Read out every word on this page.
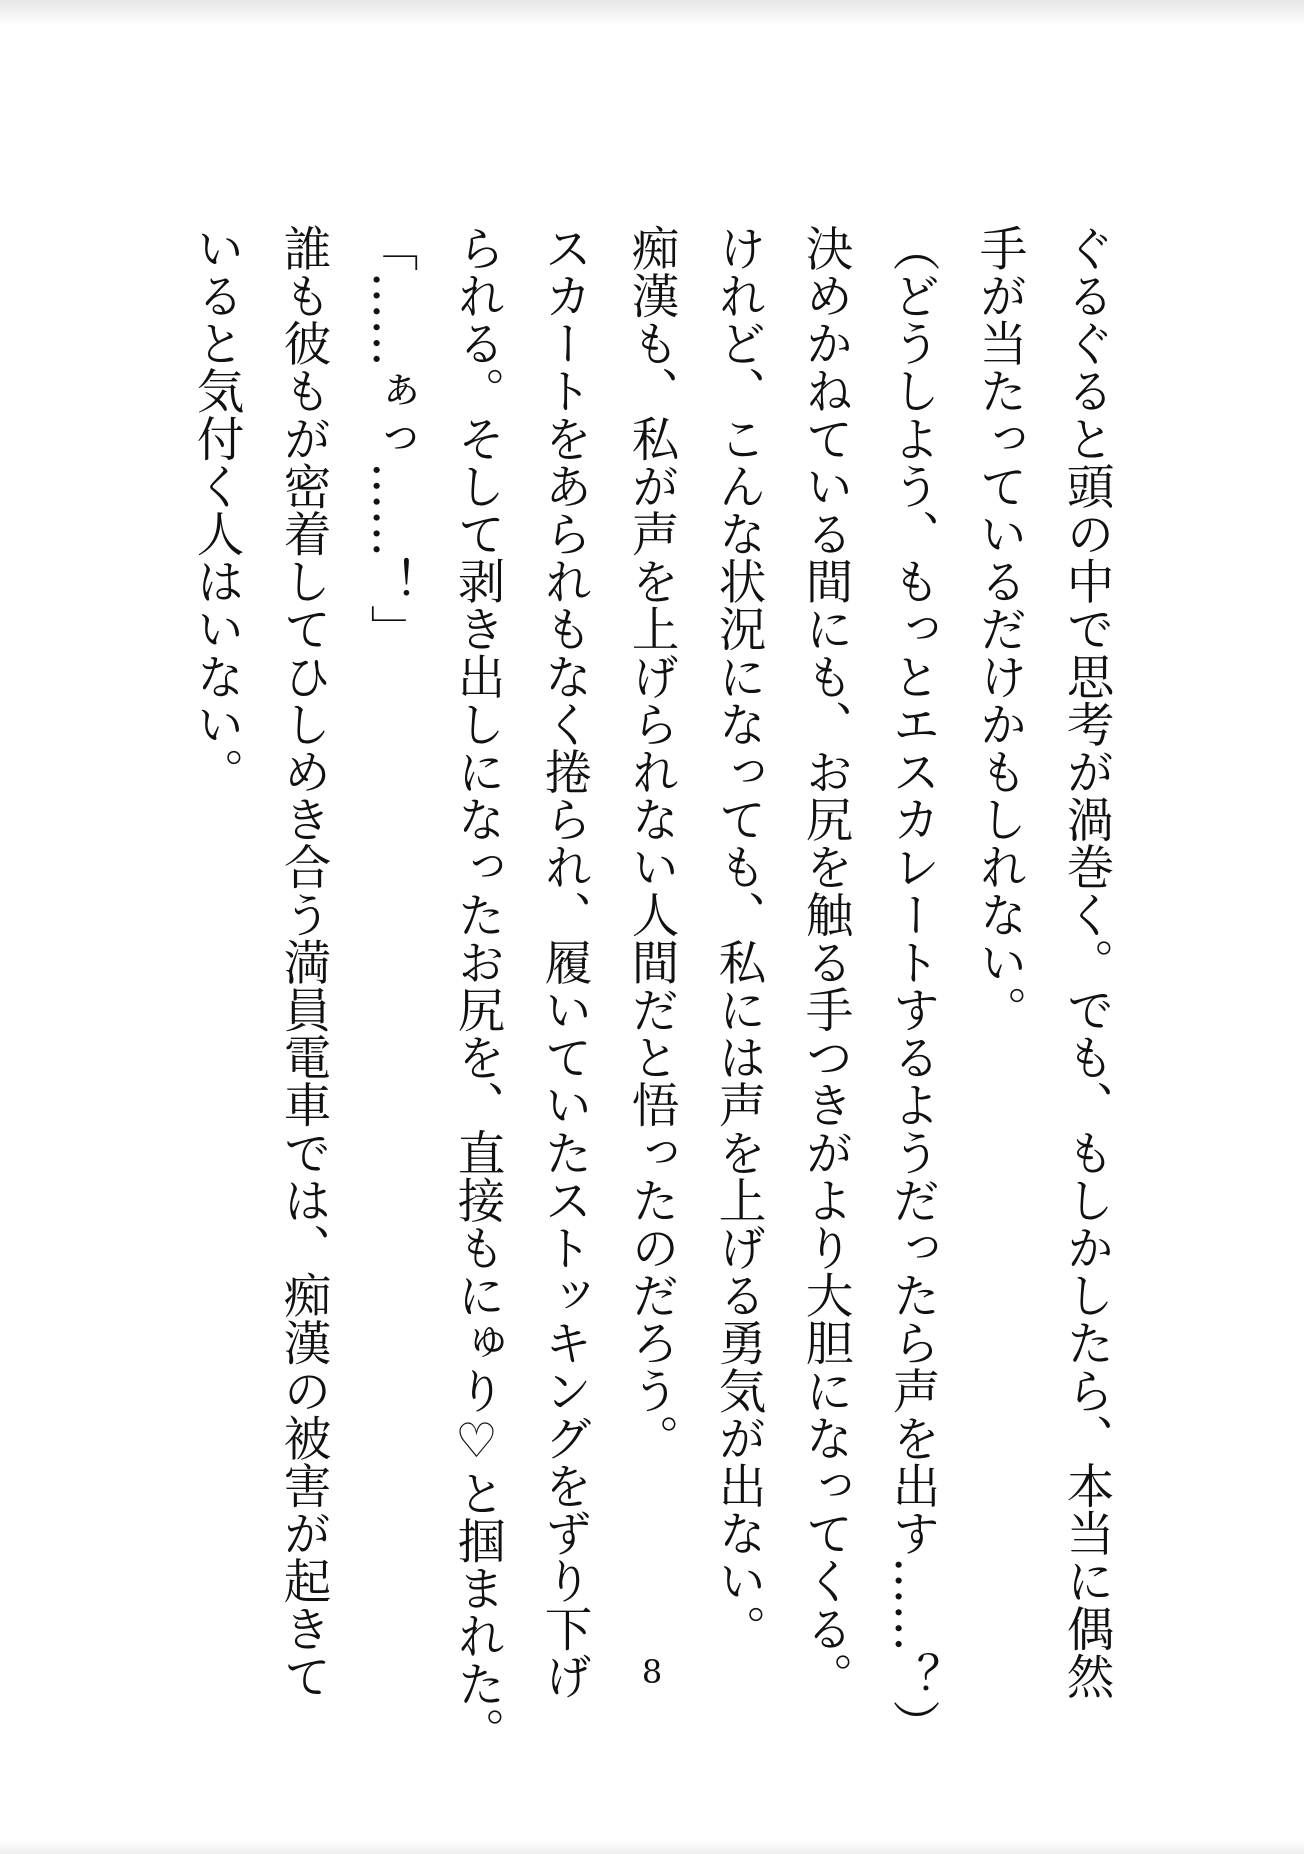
ぐるぐると頭の中で思考が渦巻く。でも、もしかしたら、本当に偶然

手が当たっているだけかもしれない。

（どうしよう、もっとエスカレートするようだったら声を出す……？）

決めかねている間にも、お尻を触る手つきがより大胆になってくる。

けれど、こんな状況になっても、私には声を上げる勇気が出ない。

痴漢も、私が声を上げられない人間だと悟ったのだろう。

スカートをあられもなく捲られ、履いていたストッキングをずり下げ

られる。そして剥き出しになったお尻を、直接もにゅり♡と掴まれた。

「……ぁっ……！」

誰も彼もが密着してひしめき合う満員電車では、痴漢の被害が起きて

いると気付く人はいない。

8
